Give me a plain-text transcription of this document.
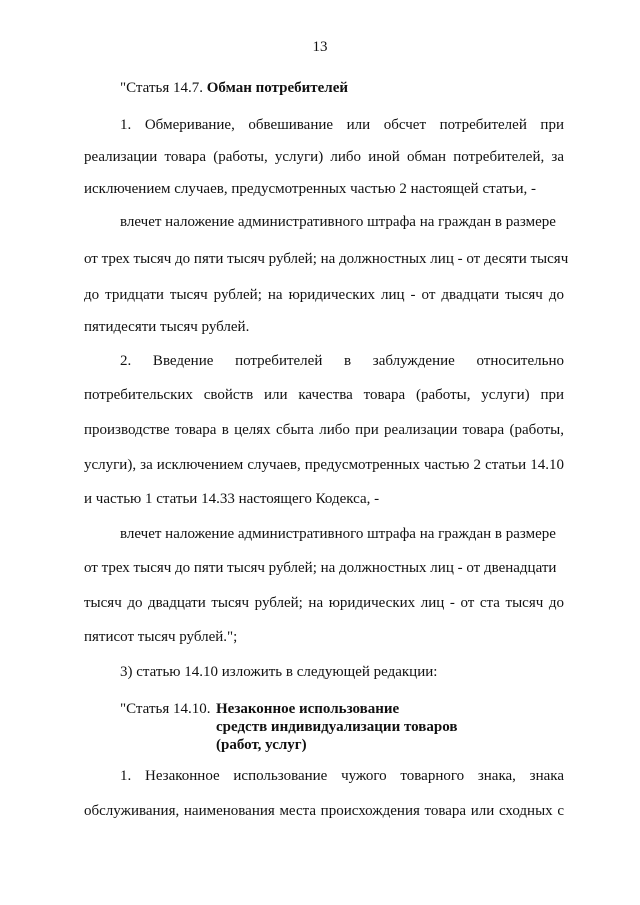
13
"Статья 14.7. Обман потребителей
1. Обмеривание, обвешивание или обсчет потребителей при
реализации товара (работы, услуги) либо иной обман потребителей, за
исключением случаев, предусмотренных частью 2 настоящей статьи, -
влечет наложение административного штрафа на граждан в размере
от трех тысяч до пяти тысяч рублей; на должностных лиц - от десяти тысяч
до тридцати тысяч рублей; на юридических лиц - от двадцати тысяч до
пятидесяти тысяч рублей.
2. Введение потребителей в заблуждение относительно
потребительских свойств или качества товара (работы, услуги) при
производстве товара в целях сбыта либо при реализации товара (работы,
услуги), за исключением случаев, предусмотренных частью 2 статьи 14.10
и частью 1 статьи 14.33 настоящего Кодекса, -
влечет наложение административного штрафа на граждан в размере
от трех тысяч до пяти тысяч рублей; на должностных лиц - от двенадцати
тысяч до двадцати тысяч рублей; на юридических лиц - от ста тысяч до
пятисот тысяч рублей.";
3) статью 14.10 изложить в следующей редакции:
"Статья 14.10. Незаконное использование
средств индивидуализации товаров
(работ, услуг)
1. Незаконное использование чужого товарного знака, знака
обслуживания, наименования места происхождения товара или сходных с
